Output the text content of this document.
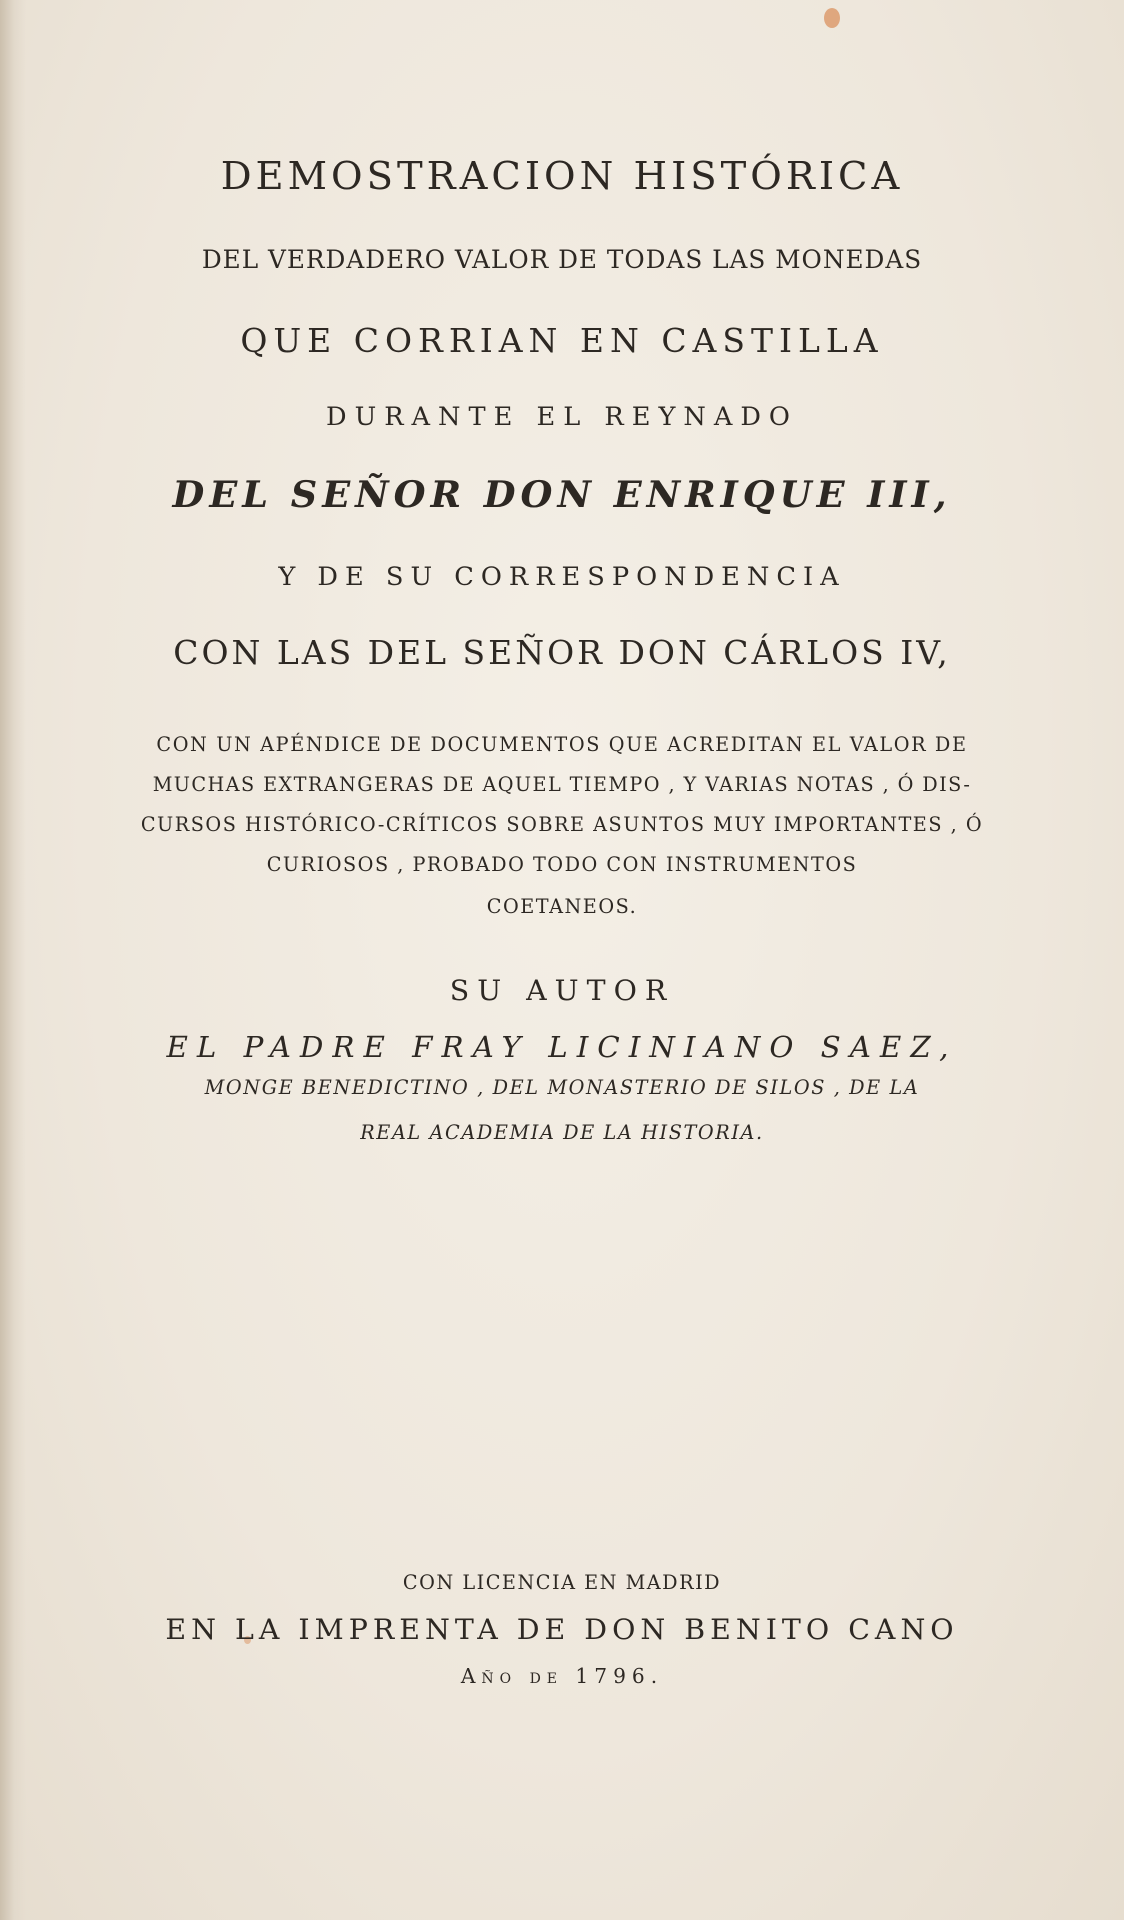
DEMOSTRACION HISTÓRICA
DEL VERDADERO VALOR DE TODAS LAS MONEDAS
QUE CORRIAN EN CASTILLA
DURANTE EL REYNADO
DEL SEÑOR DON ENRIQUE III,
Y DE SU CORRESPONDENCIA
CON LAS DEL SEÑOR DON CÁRLOS IV,
CON UN APÉNDICE DE DOCUMENTOS QUE ACREDITAN EL VALOR DE
MUCHAS EXTRANGERAS DE AQUEL TIEMPO , Y VARIAS NOTAS , Ó DIS-
CURSOS HISTÓRICO-CRÍTICOS SOBRE ASUNTOS MUY IMPORTANTES , Ó
CURIOSOS , PROBADO TODO CON INSTRUMENTOS
COETANEOS.
SU AUTOR
EL PADRE FRAY LICINIANO SAEZ,
MONGE BENEDICTINO , DEL MONASTERIO DE SILOS , DE LA
REAL ACADEMIA DE LA HISTORIA.
CON LICENCIA EN MADRID
EN LA IMPRENTA DE DON BENITO CANO
Año de 1796.
